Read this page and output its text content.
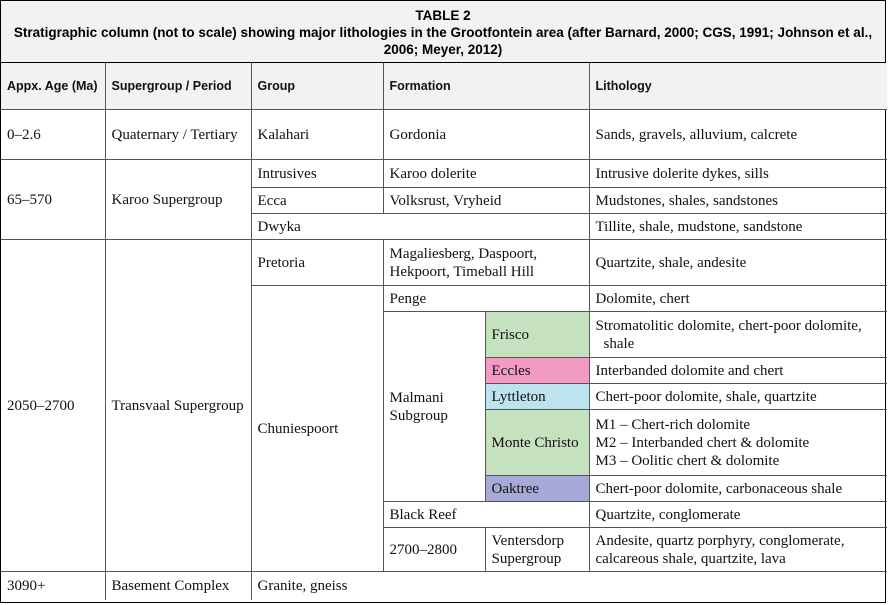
TABLE 2
Stratigraphic column (not to scale) showing major lithologies in the Grootfontein area (after Barnard, 2000; CGS, 1991; Johnson et al., 2006; Meyer, 2012)
Appx. Age (Ma)	Supergroup / Period	Group	Formation		Lithology
0–2.6	Quaternary / Tertiary	Kalahari	Gordonia		Sands, gravels, alluvium, calcrete
65–570	Karoo Supergroup	Intrusives	Karoo dolerite		Intrusive dolerite dykes, sills
		Ecca	Volksrust, Vryheid		Mudstones, shales, sandstones
		Dwyka			Tillite, shale, mudstone, sandstone
2050–2700	Transvaal Supergroup	Pretoria	Magaliesberg, Daspoort, Hekpoort, Timeball Hill		Quartzite, shale, andesite
		Chuniespoort	Penge		Dolomite, chert
			Malmani Subgroup	Frisco	Stromatolitic dolomite, chert-poor dolomite, shale
				Eccles	Interbanded dolomite and chert
				Lyttleton	Chert-poor dolomite, shale, quartzite
				Monte Christo	M1 – Chert-rich dolomite
M2 – Interbanded chert & dolomite
M3 – Oolitic chert & dolomite

				Oaktree	Chert-poor dolomite, carbonaceous shale
			Black Reef		Quartzite, conglomerate
			2700–2800	Ventersdorp Supergroup	Andesite, quartz porphyry, conglomerate, calcareous shale, quartzite, lava
3090+	Basement Complex	Granite, gneiss			
